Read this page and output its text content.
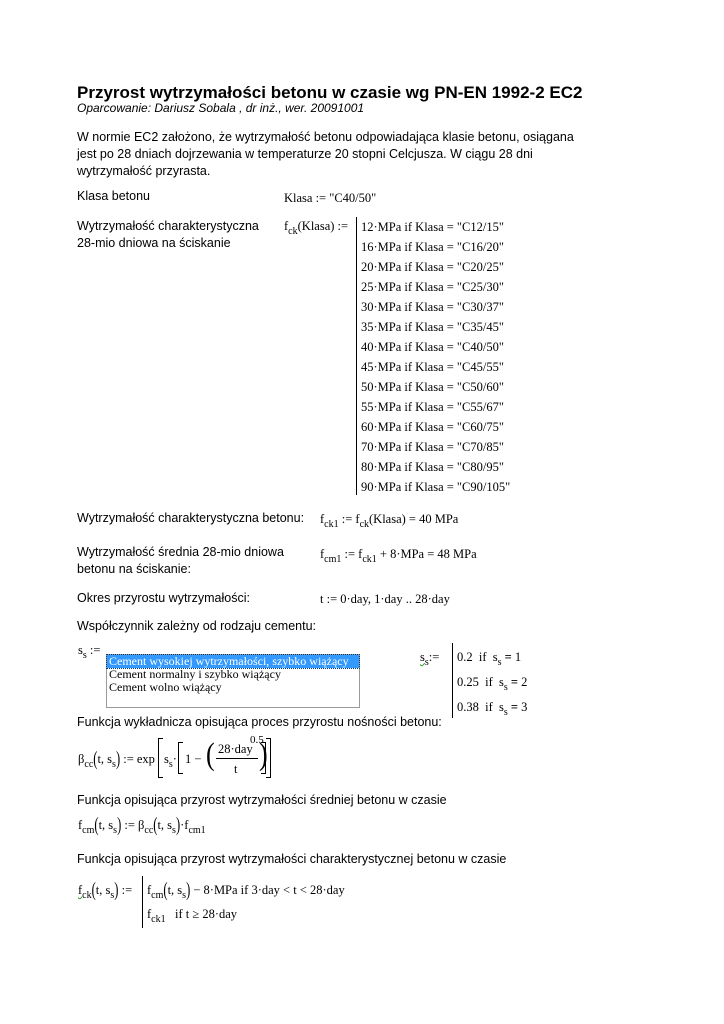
Przyrost wytrzymałości betonu w czasie wg PN-EN 1992-2 EC2
Oparcowanie: Dariusz Sobala , dr inż., wer. 20091001
W normie EC2 założono, że wytrzymałość betonu odpowiadająca klasie betonu, osiągana jest po 28 dniach dojrzewania w temperaturze 20 stopni Celcjusza. W ciągu 28 dni wytrzymałość przyrasta.
Klasa betonu	Klasa := "C40/50"
Wytrzymałość charakterystyczna 28-mio dniowa na ściskanie
$f_{ck}(Klasa)$ := 12·MPa if Klasa = "C12/15"
16·MPa if Klasa = "C16/20"
20·MPa if Klasa = "C20/25"
25·MPa if Klasa = "C25/30"
30·MPa if Klasa = "C30/37"
35·MPa if Klasa = "C35/45"
40·MPa if Klasa = "C40/50"
45·MPa if Klasa = "C45/55"
50·MPa if Klasa = "C50/60"
55·MPa if Klasa = "C55/67"
60·MPa if Klasa = "C60/75"
70·MPa if Klasa = "C70/85"
80·MPa if Klasa = "C80/95"
90·MPa if Klasa = "C90/105"
Wytrzymałość charakterystyczna betonu: $f_{ck1}$ := $f_{ck}(Klasa) = 40$ MPa
Wytrzymałość średnia 28-mio dniowa betonu na ściskanie:
$f_{cm1}$ := $f_{ck1} + 8\cdot MPa = 48$ MPa
Okres przyrostu wytrzymałości:	t := 0·day, 1·day .. 28·day
Współczynnik zależny od rodzaju cementu:
$s_s$ :=
Cement wysokiej wytrzymałości, szybko wiążący
Cement normalny i szybko wiążący
Cement wolno wiążący
$s_s:= 0.2$  if  $s_s = 1$
0.25  if  $s_s = 2$
0.38  if  $s_s = 3$
Funkcja wykładnicza opisująca proces przyrostu nośności betonu:
$\beta_{cc}(t$, $s_s$) := $\exp s_s\cdot 1$ − ( 28·day
t )
0.5
Funkcja opisująca przyrost wytrzymałości średniej betonu w czasie
$f_{cm}(t$, $s_s$) := $\beta_{cc}(t$, $s_s)\cdot f_{cm1}$
Funkcja opisująca przyrost wytrzymałości charakterystycznej betonu w czasie
$f_{ck}(t$, $s_s$) := $f_{cm}(t$, $s_s) - 8\cdot MPa$ if 3·day < t < 28·day
$f_{ck1}$ if t ≥ 28·day
